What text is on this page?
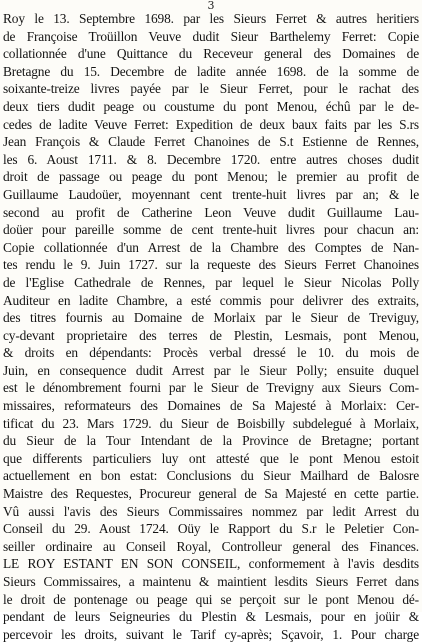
3
Roy le 13. Septembre 1698. par les Sieurs Ferret & autres heritiers
de Françoise Troüillon Veuve dudit Sieur Barthelemy Ferret: Copie
collationnée d'une Quittance du Receveur general des Domaines de
Bretagne du 15. Decembre de ladite année 1698. de la somme de
soixante-treize livres payée par le Sieur Ferret, pour le rachat des
deux tiers dudit peage ou coustume du pont Menou, échû par le de-
cedes de ladite Veuve Ferret: Expedition de deux baux faits par les S.rs
Jean François & Claude Ferret Chanoines de S.t Estienne de Rennes,
les 6. Aoust 1711. & 8. Decembre 1720. entre autres choses dudit
droit de passage ou peage du pont Menou; le premier au profit de
Guillaume Laudoüer, moyennant cent trente-huit livres par an; & le
second au profit de Catherine Leon Veuve dudit Guillaume Lau-
doüer pour pareille somme de cent trente-huit livres pour chacun an:
Copie collationnée d'un Arrest de la Chambre des Comptes de Nan-
tes rendu le 9. Juin 1727. sur la requeste des Sieurs Ferret Chanoines
de l'Eglise Cathedrale de Rennes, par lequel le Sieur Nicolas Polly
Auditeur en ladite Chambre, a esté commis pour delivrer des extraits,
des titres fournis au Domaine de Morlaix par le Sieur de Treviguy,
cy-devant proprietaire des terres de Plestin, Lesmais, pont Menou,
& droits en dépendants: Procès verbal dressé le 10. du mois de
Juin, en consequence dudit Arrest par le Sieur Polly; ensuite duquel
est le dénombrement fourni par le Sieur de Trevigny aux Sieurs Com-
missaires, reformateurs des Domaines de Sa Majesté à Morlaix: Cer-
tificat du 23. Mars 1729. du Sieur de Boisbilly subdelegué à Morlaix,
du Sieur de la Tour Intendant de la Province de Bretagne; portant
que differents particuliers luy ont attesté que le pont Menou estoit
actuellement en bon estat: Conclusions du Sieur Mailhard de Balosre
Maistre des Requestes, Procureur general de Sa Majesté en cette partie.
Vû aussi l'avis des Sieurs Commissaires nommez par ledit Arrest du
Conseil du 29. Aoust 1724. Oüy le Rapport du S.r le Peletier Con-
seiller ordinaire au Conseil Royal, Controlleur general des Finances.
LE ROY ESTANT EN SON CONSEIL, conformement à l'avis desdits
Sieurs Commissaires, a maintenu & maintient lesdits Sieurs Ferret dans
le droit de pontenage ou peage qui se perçoit sur le pont Menou dé-
pendant de leurs Seigneuries du Plestin & Lesmais, pour en joüir &
percevoir les droits, suivant le Tarif cy-après; Sçavoir, 1. Pour charge
